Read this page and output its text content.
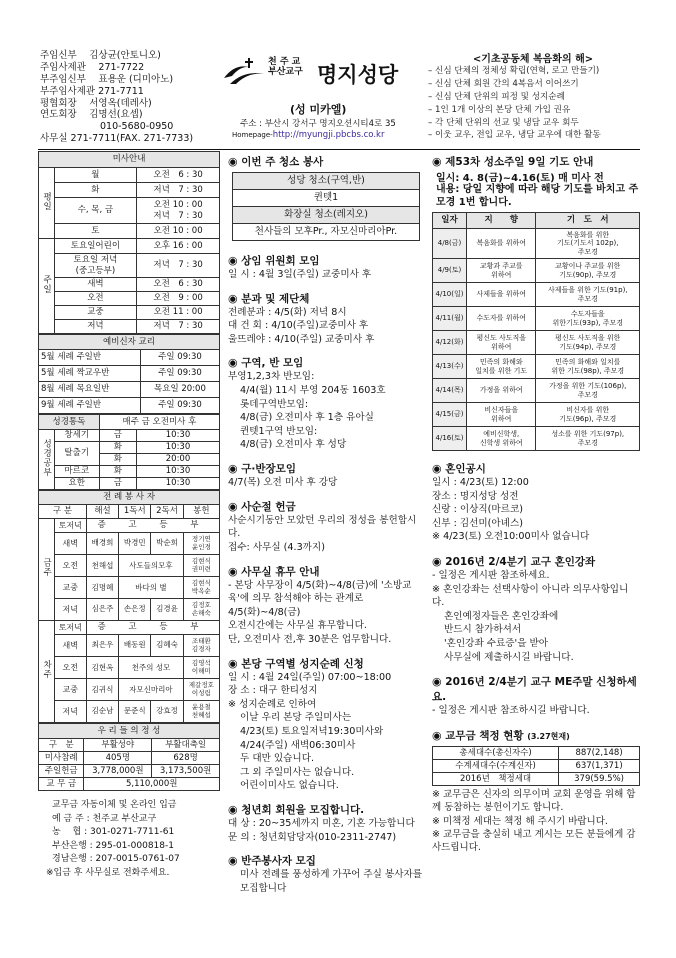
주임신부　 김상균(안토니오)
주임사제관　 271-7722
부주임신부　 표용운 (디미아노)
부주임사제관 271-7711
평협회장　 서영옥(데레사)
연도회장　 김명선(요셉)
010-5680-0950
사무실 271-7711(FAX. 271-7733)
천 주 교
부산교구 명지성당
(성 미카엘)
주소 : 부산시 강서구 명지오션시티4로 35
Homepage-http://myungji.pbcbs.co.kr
<기초공동체 복음화의 해>
– 신심 단체의 정체성 확립(연혁, 로고 만들기)
– 신심 단체 회원 간의 4복음서 이어쓰기
– 신심 단체 단위의 피정 및 성지순례
– 1인 1개 이상의 본당 단체 가입 권유
– 각 단체 단위의 선교 및 냉담 교우 회두
– 이웃 교우, 전입 교우, 냉담 교우에 대한 활동
미사안내		
평일	월	오전　6 : 30
	화	저녁　7 : 30
	수, 목, 금	오전 10 : 00
저녁　7 : 30
	토	오전 10 : 00
주일	토요일어린이	오후 16 : 00
	토요일 저녁
(중고등부)	저녁　7 : 30
	새벽	오전　6 : 30
	오전	오전　9 : 00
	교중	오전 11 : 00
	저녁	저녁　7 : 30
예비신자 교리	
5월 세례 주일반	주일 09:30
5월 세례 짝교우반	주일 09:30
8월 세례 목요일반	목요일 20:00
9월 세례 주일반	주일 09:30
성경통독		매주 금 오전미사 후	
성경공부	창세기	금	10:30
	탈출기	화	10:30
		화	20:00
	마르코	화	10:30
	요한	금	10:30
전 례 봉 사 자					
구 분		해설	1독서	2독서	봉헌
금주	토저녁	증 고 등 부			
	새벽	배경희	박경민	박순희	정기연
윤인경
	오전	천해섭	사도들의모후		김현식
권미련
	교중	김명혜	바다의 별		김현식
박옥순
	저녁	심은주	손은정	김경윤	김정호
손해숙
차주	토저녁	증 고 등 부			
	새벽	최은우	배동원	김혜숙	조태환
김경자
	오전	김현옥	천주의 성모		김영석
이해미
	교중	김귀식	자모신마리아		제갈정호
이성림
	저녁	김순남	문준식	강효정	윤용철
천혜섭
우 리 들 의 정 성		
구　분	부활성야	부활대축일
미사참례	405명	628명
주일헌금	3,778,000원	3,173,500원
교 무 금	5,110,000원	
교무금 자동이체 및 온라인 입금
예 금 주 : 천주교 부산교구
농　 협 : 301-0271-7711-61
부산은행 : 295-01-000818-1
경남은행 : 207-0015-0761-07
※입금 후 사무실로 전화주세요.
◉ 이번 주 청소 봉사
성당 청소(구역,반)
퀸텟1
화장실 청소(레지오)
천사들의 모후Pr., 자모신마리아Pr.
◉ 상임 위원회 모임
일 시 : 4월 3일(주일) 교중미사 후
◉ 분과 및 제단체
전례분과 : 4/5(화) 저녁 8시
대 건 회 : 4/10(주일)교중미사 후
울뜨레야 : 4/10(주일) 교중미사 후
◉ 구역, 반 모임
부영1,2,3차 반모임:
4/4(월) 11시 부영 204동 1603호
롯데구역반모임:
4/8(금) 오전미사 후 1층 유아실
퀸텟1구역 반모임:
4/8(금) 오전미사 후 성당
◉ 구·반장모임
4/7(목) 오전 미사 후 강당
◉ 사순절 헌금
사순시기동안 모았던 우리의 정성을 봉헌합시다.
접수: 사무실 (4.3까지)
◉ 사무실 휴무 안내
- 본당 사무장이 4/5(화)~4/8(금)에 '소방교육'에 의무 참석해야 하는 관계로 4/5(화)~4/8(금)
오전시간에는 사무실 휴무합니다.
단, 오전미사 전,후 30분은 업무합니다.
◉ 본당 구역별 성지순례 신청
일 시 : 4월 24일(주일) 07:00~18:00
장 소 : 대구 한티성지
※ 성지순례로 인하여
이날 우리 본당 주일미사는
4/23(토) 토요일저녁19:30미사와
4/24(주일) 새벽06:30미사
두 대만 있습니다.
그 외 주일미사는 없습니다.
어린이미사도 없습니다.
◉ 청년회 회원을 모집합니다.
대 상 : 20~35세까지 미혼, 기혼 가능합니다
문 의 : 청년회담당자(010-2311-2747)
◉ 반주봉사자 모집
미사 전례를 풍성하게 가꾸어 주실 봉사자를 모집합니다
◉ 제53차 성소주일 9일 기도 안내
일시: 4. 8(금)~4.16(토) 매 미사 전
내용: 당일 지향에 따라 해당 기도를 바치고 주모경 1번 합니다.
일자	지　　향	기　도　서
4/8(금)	복음화를 위하여	복음화를 위한
기도(기도서 102p),
주모경
4/9(토)	교황과 주교를
위하여	교황이나 주교를 위한
기도(90p), 주모경
4/10(일)	사제들을 위하여	사제들을 위한 기도(91p),
주모경
4/11(월)	수도자를 위하여	수도자들을
위한기도(93p), 주모경
4/12(화)	평신도 사도직을
위하여	평신도 사도직을 위한
기도(94p), 주모경
4/13(수)	민족의 화해와
일치를 위한 기도	민족의 화해와 일치를
위한 기도(98p), 주모경
4/14(목)	가정을 위하여	가정을 위한 기도(106p),
주모경
4/15(금)	비신자들을
위하여	비신자를 위한
기도(96p), 주모경
4/16(토)	예비신학생,
신학생 위하여	성소를 위한 기도(97p),
주모경
◉ 혼인공시
일시 : 4/23(토) 12:00
장소 : 명지성당 성전
신랑 : 이상직(마르코)
신부 : 김선미(아녜스)
※ 4/23(토) 오전10:00미사 없습니다
◉ 2016년 2/4분기 교구 혼인강좌
- 일정은 게시판 참조하세요.
※ 혼인강좌는 선택사항이 아니라 의무사항입니다.
혼인예정자들은 혼인강좌에
반드시 참가하셔서
'혼인강좌 수료증'을 받아
사무실에 제출하시길 바랍니다.
◉ 2016년 2/4분기 교구 ME주말 신청하세요.
- 일정은 게시판 참조하시길 바랍니다.
◉ 교무금 책정 현황 (3.27현재)
총세대수(총신자수)	887(2,148)
수계세대수(수계신자)	637(1,371)
2016년　책정세대	379(59.5%)
※ 교무금은 신자의 의무이며 교회 운영을 위해 함께 동참하는 봉헌이기도 합니다.
※ 미책정 세대는 책정 해 주시기 바랍니다.
※ 교무금을 충실히 내고 계시는 모든 분들에게 감사드립니다.
